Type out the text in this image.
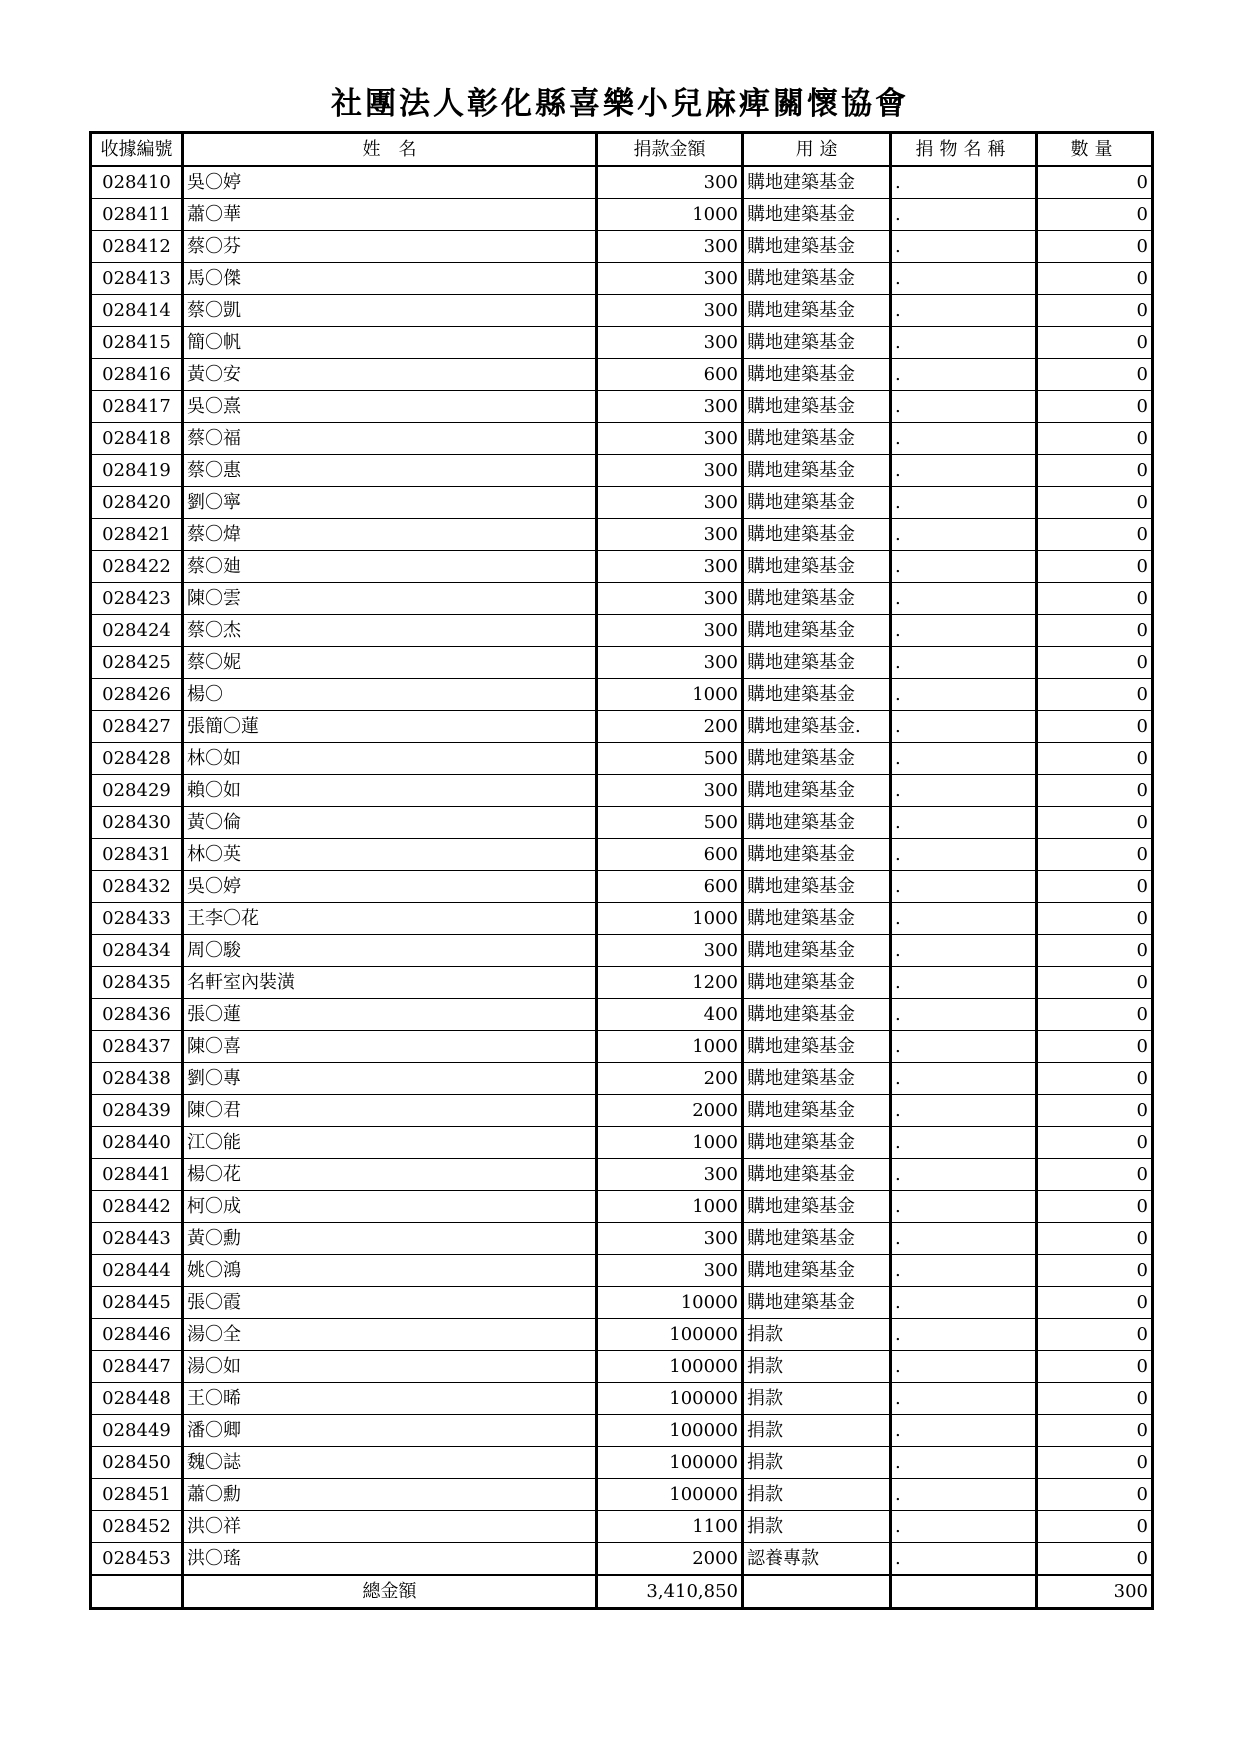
社團法人彰化縣喜樂小兒麻痺關懷協會
收據編號	姓　名	捐款金額	用 途	捐物名稱	數量
028410	吳〇婷	300	購地建築基金	.	0
028411	蕭〇華	1000	購地建築基金	.	0
028412	蔡〇芬	300	購地建築基金	.	0
028413	馬〇傑	300	購地建築基金	.	0
028414	蔡〇凱	300	購地建築基金	.	0
028415	簡〇帆	300	購地建築基金	.	0
028416	黃〇安	600	購地建築基金	.	0
028417	吳〇熹	300	購地建築基金	.	0
028418	蔡〇福	300	購地建築基金	.	0
028419	蔡〇惠	300	購地建築基金	.	0
028420	劉〇寧	300	購地建築基金	.	0
028421	蔡〇煒	300	購地建築基金	.	0
028422	蔡〇廸	300	購地建築基金	.	0
028423	陳〇雲	300	購地建築基金	.	0
028424	蔡〇杰	300	購地建築基金	.	0
028425	蔡〇妮	300	購地建築基金	.	0
028426	楊〇	1000	購地建築基金	.	0
028427	張簡〇蓮	200	購地建築基金.	.	0
028428	林〇如	500	購地建築基金	.	0
028429	賴〇如	300	購地建築基金	.	0
028430	黃〇倫	500	購地建築基金	.	0
028431	林〇英	600	購地建築基金	.	0
028432	吳〇婷	600	購地建築基金	.	0
028433	王李〇花	1000	購地建築基金	.	0
028434	周〇駿	300	購地建築基金	.	0
028435	名軒室內裝潢	1200	購地建築基金	.	0
028436	張〇蓮	400	購地建築基金	.	0
028437	陳〇喜	1000	購地建築基金	.	0
028438	劉〇專	200	購地建築基金	.	0
028439	陳〇君	2000	購地建築基金	.	0
028440	江〇能	1000	購地建築基金	.	0
028441	楊〇花	300	購地建築基金	.	0
028442	柯〇成	1000	購地建築基金	.	0
028443	黃〇勳	300	購地建築基金	.	0
028444	姚〇鴻	300	購地建築基金	.	0
028445	張〇霞	10000	購地建築基金	.	0
028446	湯〇全	100000	捐款	.	0
028447	湯〇如	100000	捐款	.	0
028448	王〇晞	100000	捐款	.	0
028449	潘〇卿	100000	捐款	.	0
028450	魏〇誌	100000	捐款	.	0
028451	蕭〇勳	100000	捐款	.	0
028452	洪〇祥	1100	捐款	.	0
028453	洪〇瑤	2000	認養專款	.	0
	總金額	3,410,850			300
